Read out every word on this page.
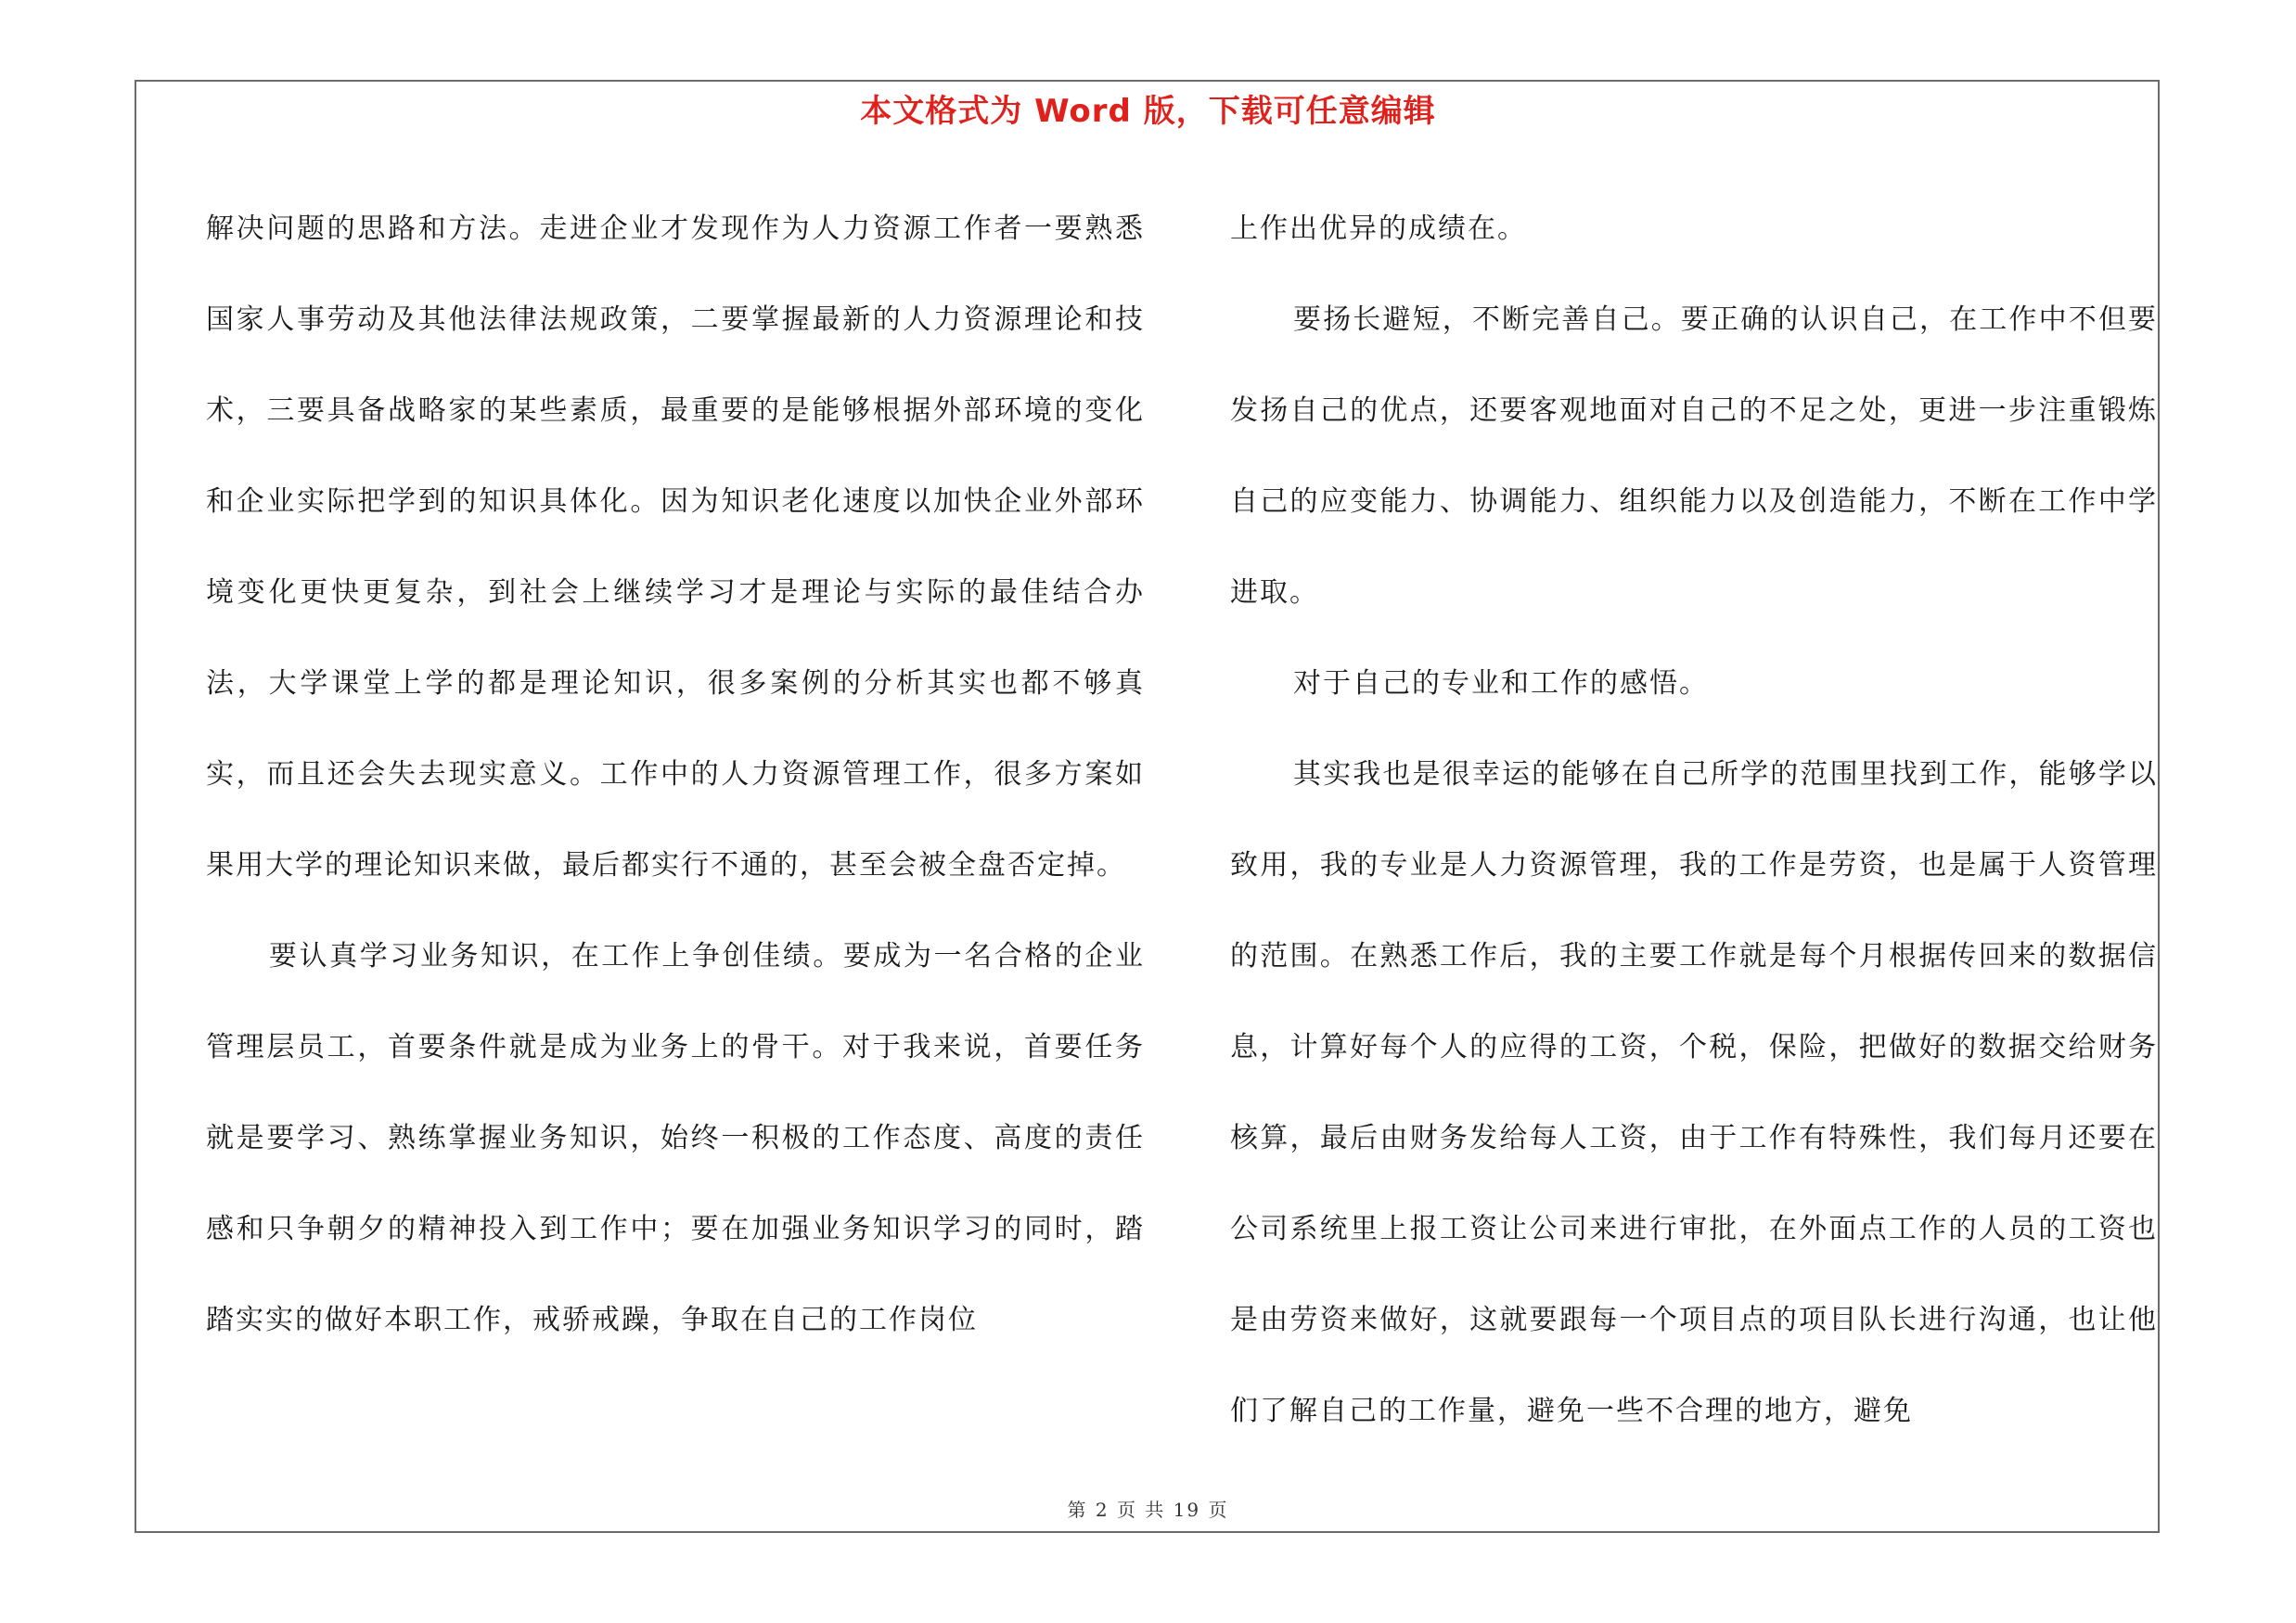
本文格式为 Word 版，下载可任意编辑

解决问题的思路和方法。走进企业才发现作为人力资源工作者一要熟悉国家人事劳动及其他法律法规政策，二要掌握最新的人力资源理论和技术，三要具备战略家的某些素质，最重要的是能够根据外部环境的变化和企业实际把学到的知识具体化。因为知识老化速度以加快企业外部环境变化更快更复杂，到社会上继续学习才是理论与实际的最佳结合办法，大学课堂上学的都是理论知识，很多案例的分析其实也都不够真实，而且还会失去现实意义。工作中的人力资源管理工作，很多方案如果用大学的理论知识来做，最后都实行不通的，甚至会被全盘否定掉。

要认真学习业务知识，在工作上争创佳绩。要成为一名合格的企业管理层员工，首要条件就是成为业务上的骨干。对于我来说，首要任务就是要学习、熟练掌握业务知识，始终一积极的工作态度、高度的责任感和只争朝夕的精神投入到工作中；要在加强业务知识学习的同时，踏踏实实的做好本职工作，戒骄戒躁，争取在自己的工作岗位

上作出优异的成绩在。

要扬长避短，不断完善自己。要正确的认识自己，在工作中不但要发扬自己的优点，还要客观地面对自己的不足之处，更进一步注重锻炼自己的应变能力、协调能力、组织能力以及创造能力，不断在工作中学进取。

对于自己的专业和工作的感悟。

其实我也是很幸运的能够在自己所学的范围里找到工作，能够学以致用，我的专业是人力资源管理，我的工作是劳资，也是属于人资管理的范围。在熟悉工作后，我的主要工作就是每个月根据传回来的数据信息，计算好每个人的应得的工资，个税，保险，把做好的数据交给财务核算，最后由财务发给每人工资，由于工作有特殊性，我们每月还要在公司系统里上报工资让公司来进行审批，在外面点工作的人员的工资也是由劳资来做好，这就要跟每一个项目点的项目队长进行沟通，也让他们了解自己的工作量，避免一些不合理的地方，避免

第 2 页 共 19 页
